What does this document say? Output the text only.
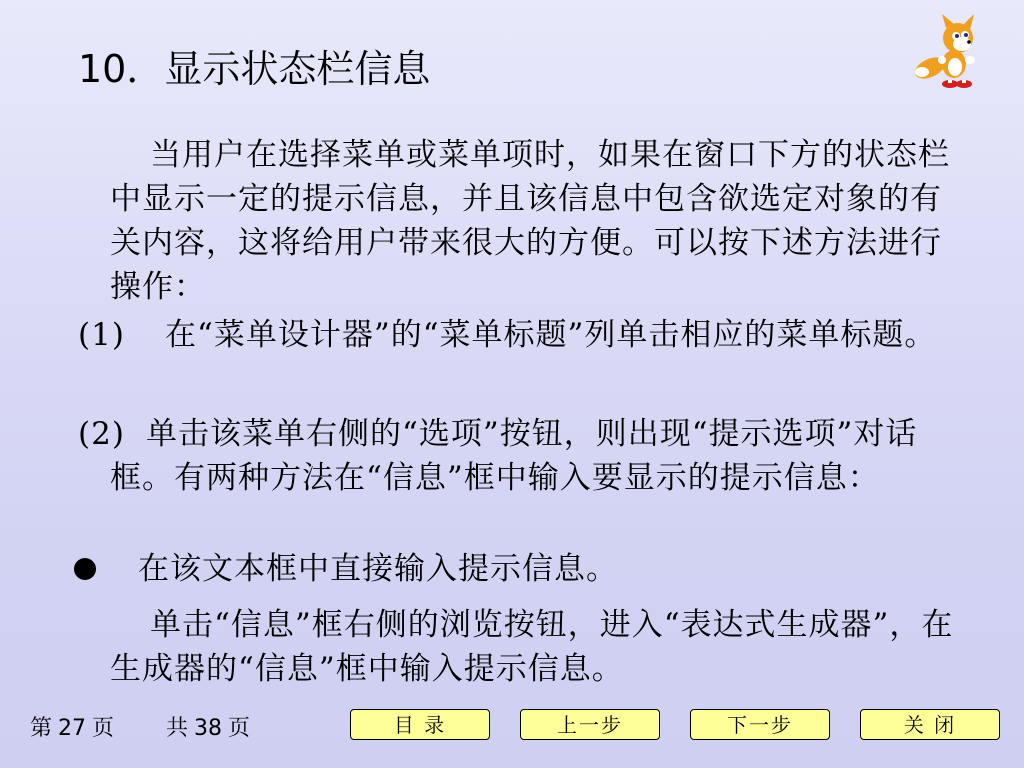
10．显示状态栏信息

当用户在选择菜单或菜单项时，如果在窗口下方的状态栏中显示一定的提示信息，并且该信息中包含欲选定对象的有关内容，这将给用户带来很大的方便。可以按下述方法进行操作：

(1)	在“菜单设计器”的“菜单标题”列单击相应的菜单标题。

(2) 单击该菜单右侧的“选项”按钮，则出现“提示选项”对话框。有两种方法在“信息”框中输入要显示的提示信息：

在该文本框中直接输入提示信息。

单击“信息”框右侧的浏览按钮，进入“表达式生成器”，在生成器的“信息”框中输入提示信息。

第 27 页 共 38 页	目 录	上一步	下一步	关 闭
